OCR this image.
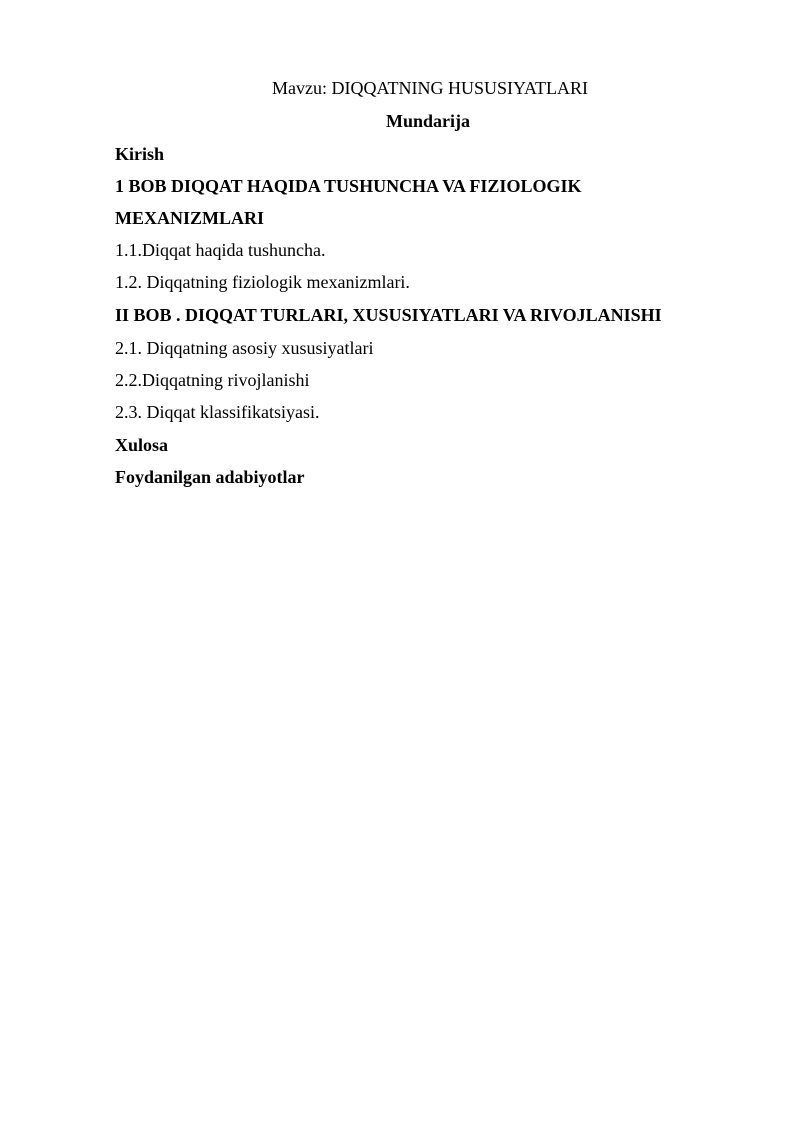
Mavzu: DIQQATNING HUSUSIYATLARI
Mundarija
Kirish
1 BOB DIQQAT HAQIDA TUSHUNCHA VA FIZIOLOGIK
MEXANIZMLARI
1.1.Diqqat haqida tushuncha.
1.2. Diqqatning fiziologik mexanizmlari.
II BOB . DIQQAT TURLARI, XUSUSIYATLARI VA RIVOJLANISHI
2.1. Diqqatning asosiy xususiyatlari
2.2.Diqqatning rivojlanishi
2.3. Diqqat klassifikatsiyasi.
Xulosa
Foydanilgan adabiyotlar
